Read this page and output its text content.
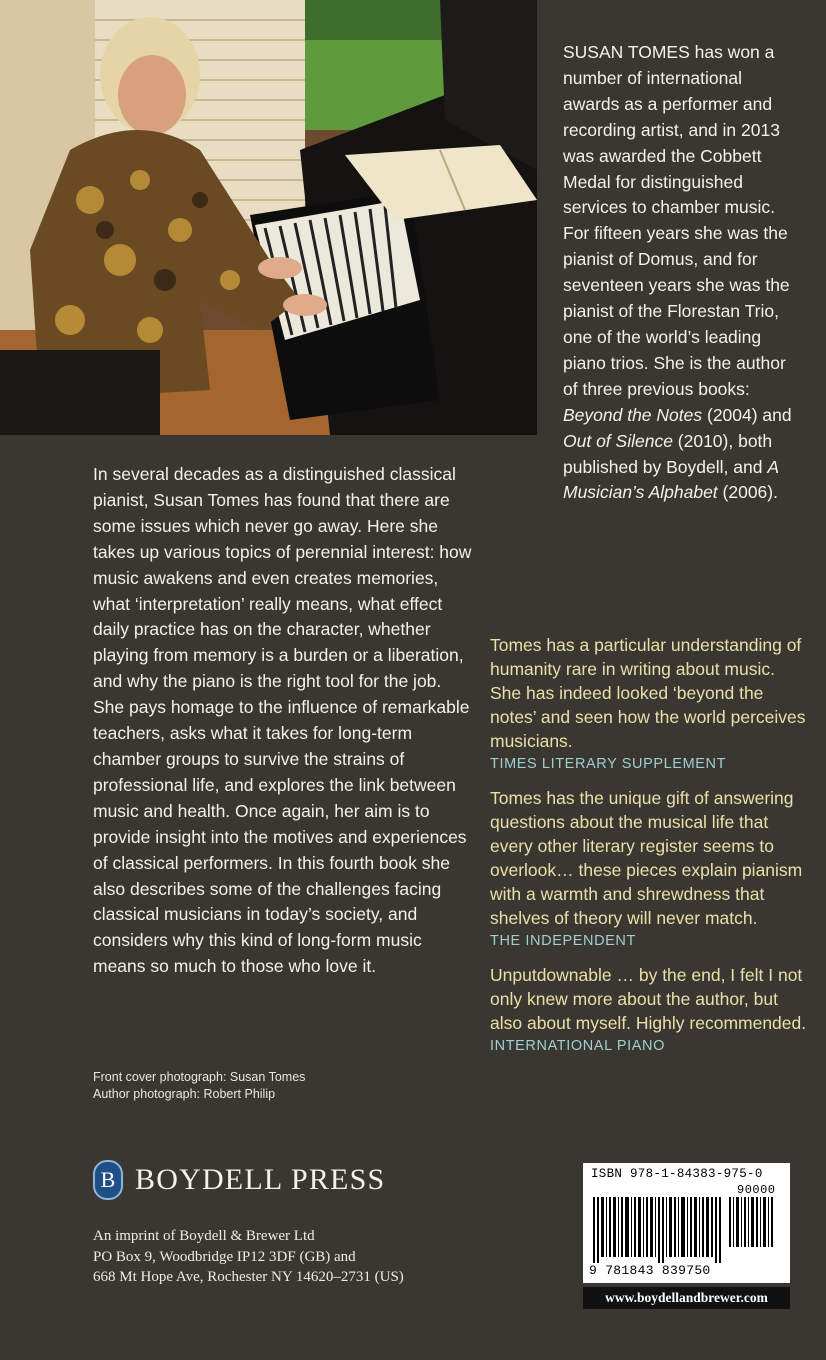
SUSAN TOMES has won a number of international awards as a performer and recording artist, and in 2013 was awarded the Cobbett Medal for distinguished services to chamber music. For fifteen years she was the pianist of Domus, and for seventeen years she was the pianist of the Florestan Trio, one of the world’s leading piano trios. She is the author of three previous books: Beyond the Notes (2004) and Out of Silence (2010), both published by Boydell, and A Musician’s Alphabet (2006).

In several decades as a distinguished classical pianist, Susan Tomes has found that there are some issues which never go away. Here she takes up various topics of perennial interest: how music awakens and even creates memories, what ‘interpretation’ really means, what effect daily practice has on the character, whether playing from memory is a burden or a liberation, and why the piano is the right tool for the job. She pays homage to the influence of remarkable teachers, asks what it takes for long-term chamber groups to survive the strains of professional life, and explores the link between music and health. Once again, her aim is to provide insight into the motives and experiences of classical performers. In this fourth book she also describes some of the challenges facing classical musicians in today’s society, and considers why this kind of long-form music means so much to those who love it.

Front cover photograph: Susan Tomes
Author photograph: Robert Philip

Tomes has a particular understanding of humanity rare in writing about music. She has indeed looked ‘beyond the notes’ and seen how the world perceives musicians.

TIMES LITERARY SUPPLEMENT

Tomes has the unique gift of answering questions about the musical life that every other literary register seems to overlook… these pieces explain pianism with a warmth and shrewdness that shelves of theory will never match.

THE INDEPENDENT

Unputdownable … by the end, I felt I not only knew more about the author, but also about myself. Highly recommended.

INTERNATIONAL PIANO
B BOYDELL PRESS
An imprint of Boydell & Brewer Ltd
PO Box 9, Woodbridge IP12 3DF (GB) and
668 Mt Hope Ave, Rochester NY 14620–2731 (US)
ISBN 978-1-84383-975-0
90000
9 781843 839750
www.boydellandbrewer.com
